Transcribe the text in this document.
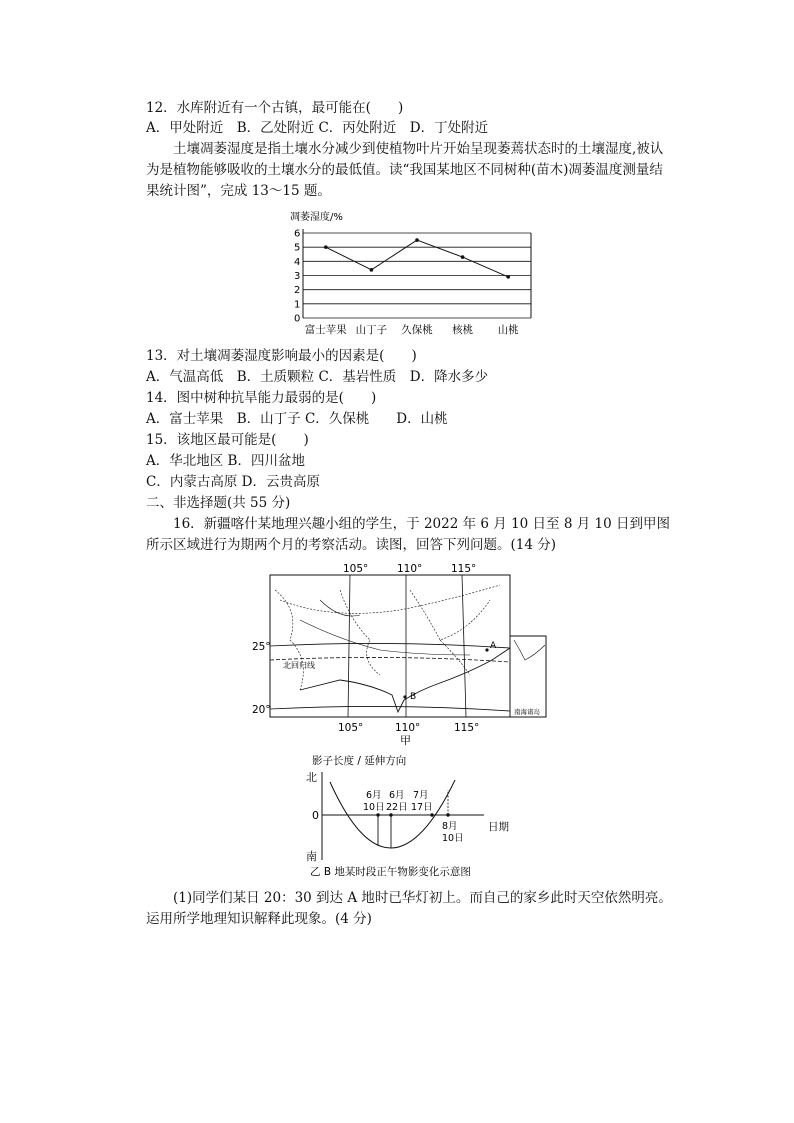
12．水库附近有一个古镇，最可能在(　　)
A．甲处附近　B．乙处附近 C．丙处附近　D．丁处附近
　　土壤凋萎湿度是指土壤水分减少到使植物叶片开始呈现萎蔫状态时的土壤湿度,被认为是植物能够吸收的土壤水分的最低值。读“我国某地区不同树种(苗木)凋萎温度测量结果统计图”，完成 13～15 题。
凋萎湿度/%
0
1
2
3
4
5
6
富士苹果 山丁子 久保桃 核桃 山桃
13．对土壤凋萎湿度影响最小的因素是(　　)
A．气温高低　B．土质颗粒 C．基岩性质　D．降水多少
14．图中树种抗旱能力最弱的是(　　)
A．富士苹果　B．山丁子 C．久保桃　　D．山桃
15．该地区最可能是(　　)
A．华北地区 B．四川盆地
C．内蒙古高原 D．云贵高原
二、非选择题(共 55 分)
　　16．新疆喀什某地理兴趣小组的学生，于 2022 年 6 月 10 日至 8 月 10 日到甲图所示区域进行为期两个月的考察活动。读图，回答下列问题。(14 分)
105°	110°	115°
105°	110°	115°
25°
20°
北回归线
A
B
南海诸岛
甲
影子长度 / 延伸方向
北
0
南
日期
6月
10日
6月
22日
7月
17日
8月
10日
乙 B 地某时段正午物影变化示意图
　　(1)同学们某日 20：30 到达 A 地时已华灯初上。而自己的家乡此时天空依然明亮。运用所学地理知识解释此现象。(4 分)
